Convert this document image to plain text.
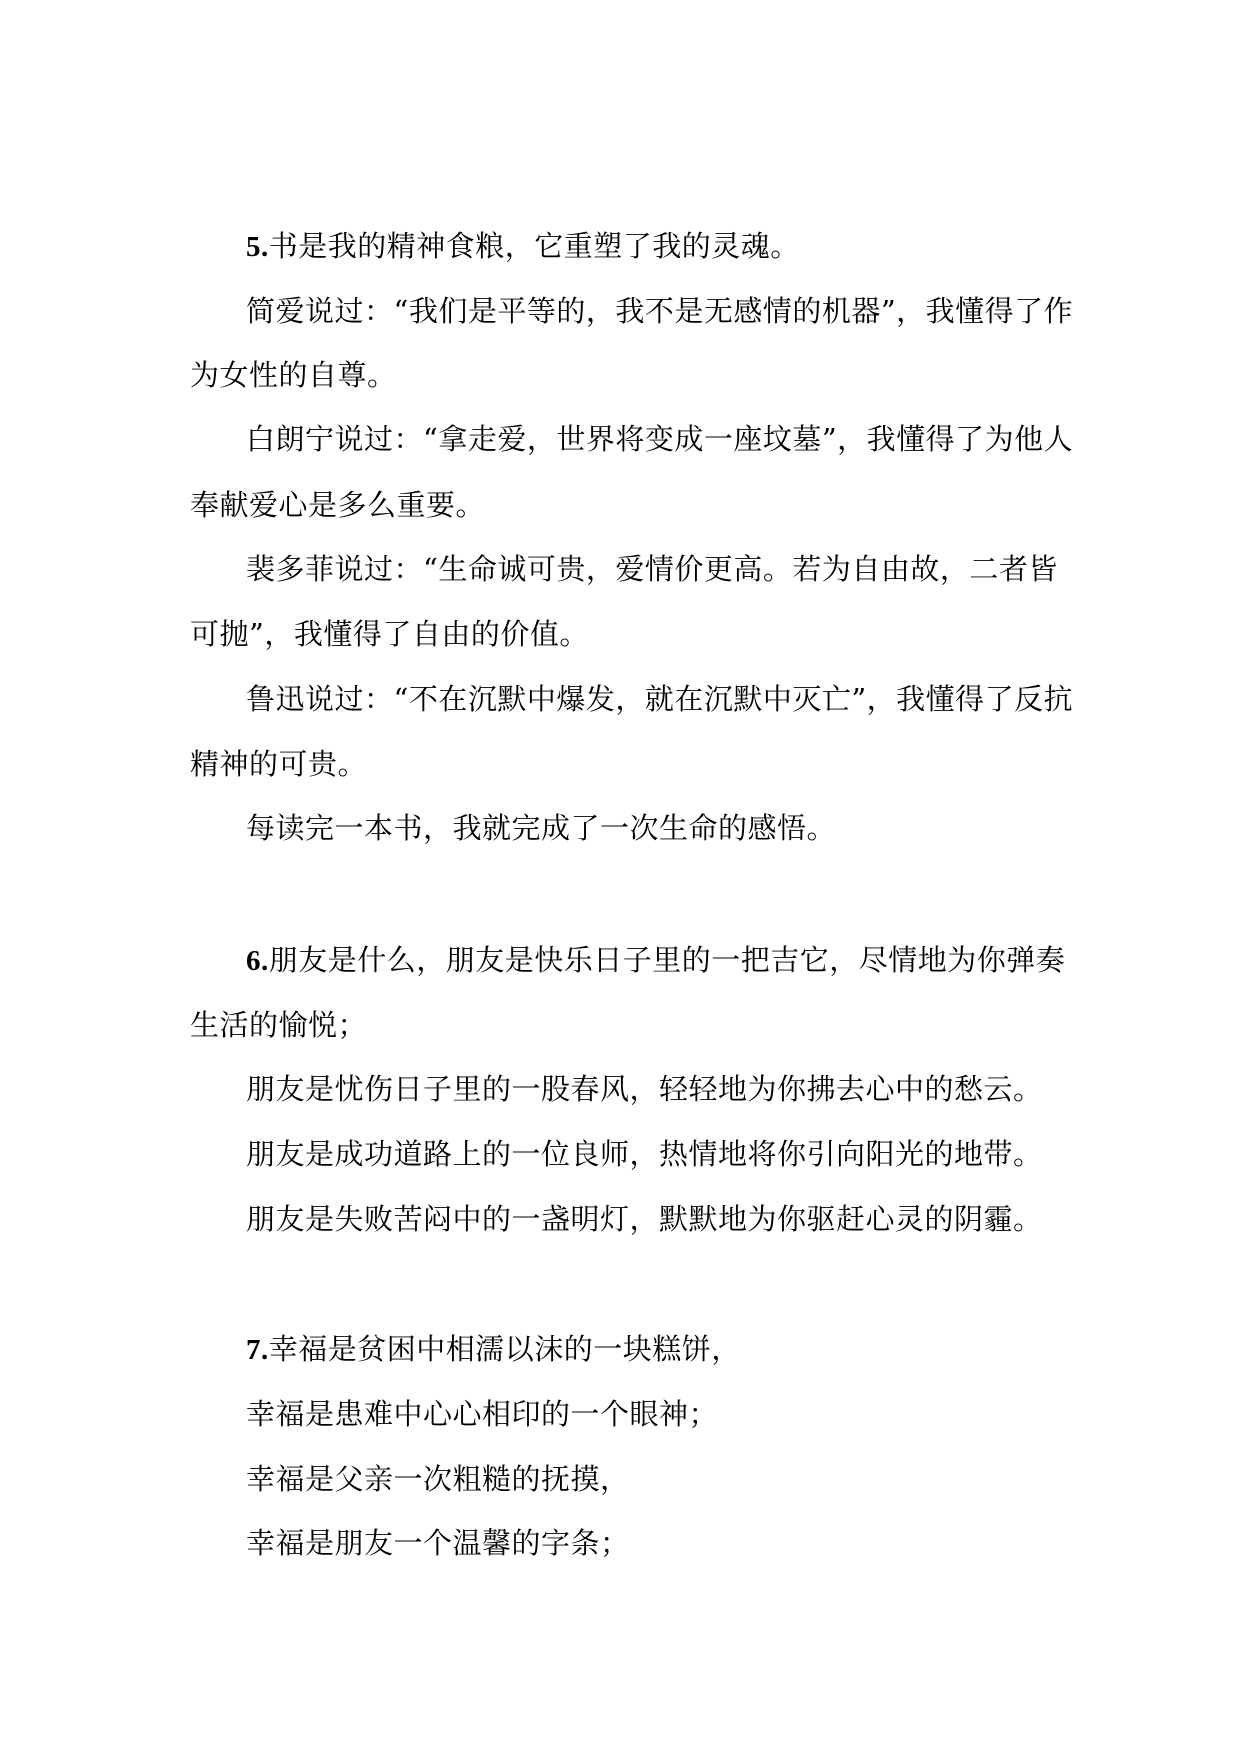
5.书是我的精神食粮，它重塑了我的灵魂。
简爱说过：“我们是平等的，我不是无感情的机器”，我懂得了作
为女性的自尊。
白朗宁说过：“拿走爱，世界将变成一座坟墓”，我懂得了为他人
奉献爱心是多么重要。
裴多菲说过：“生命诚可贵，爱情价更高。若为自由故，二者皆
可抛”，我懂得了自由的价值。
鲁迅说过：“不在沉默中爆发，就在沉默中灭亡”，我懂得了反抗
精神的可贵。
每读完一本书，我就完成了一次生命的感悟。
6.朋友是什么，朋友是快乐日子里的一把吉它，尽情地为你弹奏
生活的愉悦；
朋友是忧伤日子里的一股春风，轻轻地为你拂去心中的愁云。
朋友是成功道路上的一位良师，热情地将你引向阳光的地带。
朋友是失败苦闷中的一盏明灯，默默地为你驱赶心灵的阴霾。
7.幸福是贫困中相濡以沫的一块糕饼，
幸福是患难中心心相印的一个眼神；
幸福是父亲一次粗糙的抚摸，
幸福是朋友一个温馨的字条；
